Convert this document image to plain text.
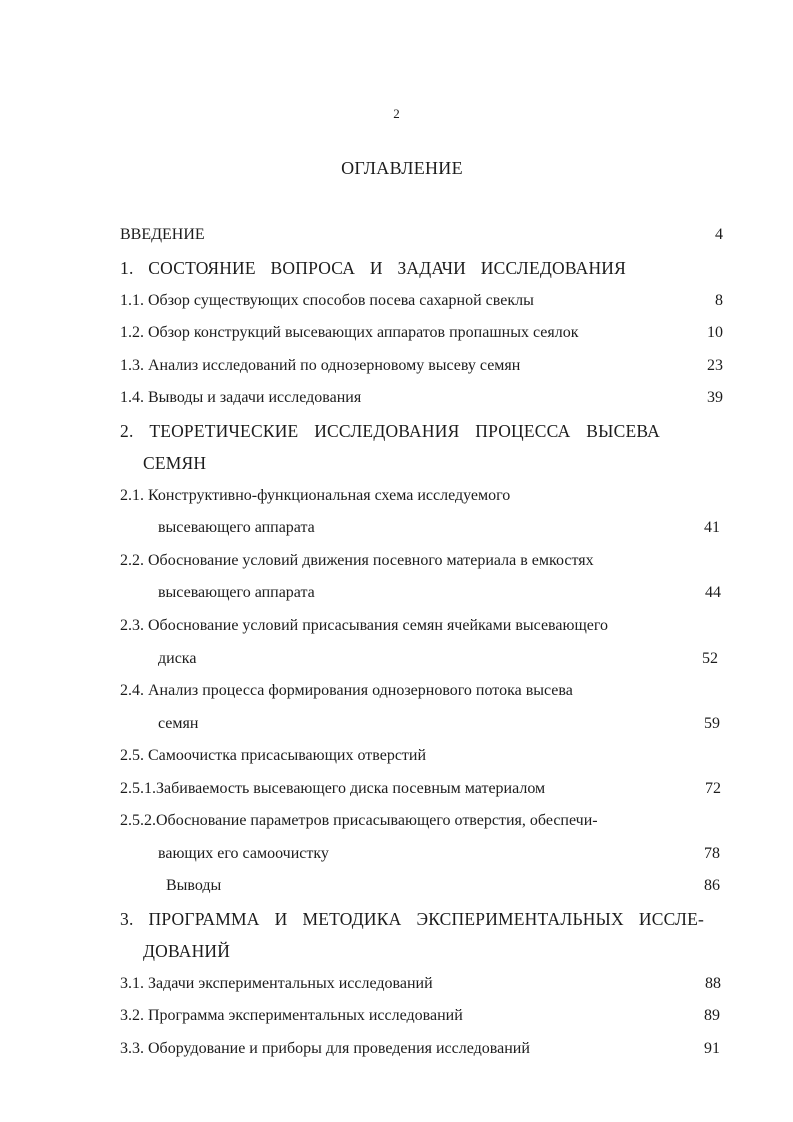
2
ОГЛАВЛЕНИЕ
ВВЕДЕНИЕ	4
1. СОСТОЯНИЕ ВОПРОСА И ЗАДАЧИ ИССЛЕДОВАНИЯ
1.1. Обзор существующих способов посева сахарной свеклы	8
1.2. Обзор конструкций высевающих аппаратов пропашных сеялок	10
1.3. Анализ исследований по однозерновому высеву семян	23
1.4. Выводы и задачи исследования	39
2. ТЕОРЕТИЧЕСКИЕ ИССЛЕДОВАНИЯ ПРОЦЕССА ВЫСЕВА
СЕМЯН
2.1. Конструктивно-функциональная схема исследуемого
высевающего аппарата	41
2.2. Обоснование условий движения посевного материала в емкостях
высевающего аппарата	44
2.3. Обоснование условий присасывания семян ячейками высевающего
диска	52
2.4. Анализ процесса формирования однозернового потока высева
семян	59
2.5. Самоочистка присасывающих отверстий
2.5.1.Забиваемость высевающего диска посевным материалом	72
2.5.2.Обоснование параметров присасывающего отверстия, обеспечи-
вающих его самоочистку	78
Выводы	86
3. ПРОГРАММА И МЕТОДИКА ЭКСПЕРИМЕНТАЛЬНЫХ ИССЛЕ-
ДОВАНИЙ
3.1. Задачи экспериментальных исследований	88
3.2. Программа экспериментальных исследований	89
3.3. Оборудование и приборы для проведения исследований	91
